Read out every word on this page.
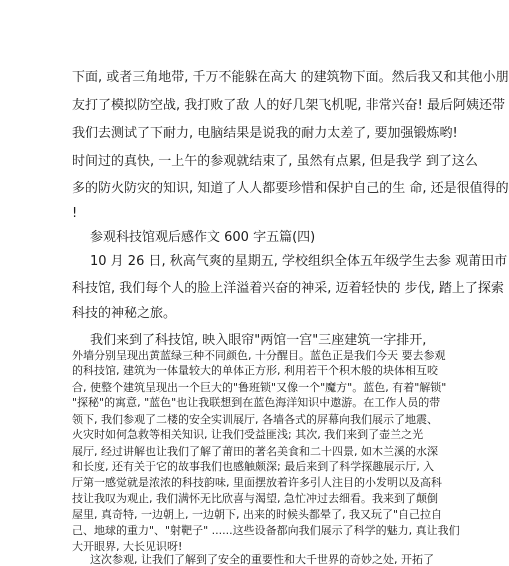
下面, 或者三角地带, 千万不能躲在高大 的建筑物下面。然后我又和其他小朋
友打了模拟防空战, 我打败了敌 人的好几架飞机呢, 非常兴奋! 最后阿姨还带
我们去测试了下耐力, 电脑结果是说我的耐力太差了, 要加强锻炼哟!
时间过的真快, 一上午的参观就结束了, 虽然有点累, 但是我学 到了这么
多的防火防灾的知识, 知道了人人都要珍惜和保护自己的生 命, 还是很值得的
!
参观科技馆观后感作文 600 字五篇(四)
10 月 26 日, 秋高气爽的星期五, 学校组织全体五年级学生去参 观莆田市
科技馆, 我们每个人的脸上洋溢着兴奋的神采, 迈着轻快的 步伐, 踏上了探索
科技的神秘之旅。
我们来到了科技馆, 映入眼帘"两馆一宫"三座建筑一字排开,
外墙分别呈现出黄蓝绿三种不同颜色, 十分醒目。蓝色正是我们今天 要去参观
的科技馆, 建筑为一体量较大的单体正方形, 利用若干个积木般的块体相互咬
合, 使整个建筑呈现出一个巨大的"鲁班锁"又像一个"魔方"。蓝色, 有着"解锁"
"探秘"的寓意, "蓝色"也让我联想到在蓝色海洋知识中遨游。在工作人员的带
领下, 我们参观了二楼的安全实训展厅, 各墙各式的屏幕向我们展示了地震、
火灾时如何急救等相关知识, 让我们受益匪浅; 其次, 我们来到了壶兰之光
展厅, 经过讲解也让我们了解了莆田的著名美食和二十四景, 如木兰溪的水深
和长度, 还有关于它的故事我们也感触颇深; 最后来到了科学探趣展示厅, 入
厅第一感觉就是浓浓的科技韵味, 里面摆放着许多引人注目的小发明以及高科
技让我叹为观止, 我们满怀无比欣喜与渴望, 急忙冲过去细看。我来到了颠倒
屋里, 真奇特, 一边朝上, 一边朝下, 出来的时候头都晕了, 我又玩了"自己拉自
己、地球的重力"、"射靶子" ......这些设备都向我们展示了科学的魅力, 真让我们
大开眼界, 大长见识呀!
这次参观, 让我们了解到了安全的重要性和大千世界的奇妙之处, 开拓了
